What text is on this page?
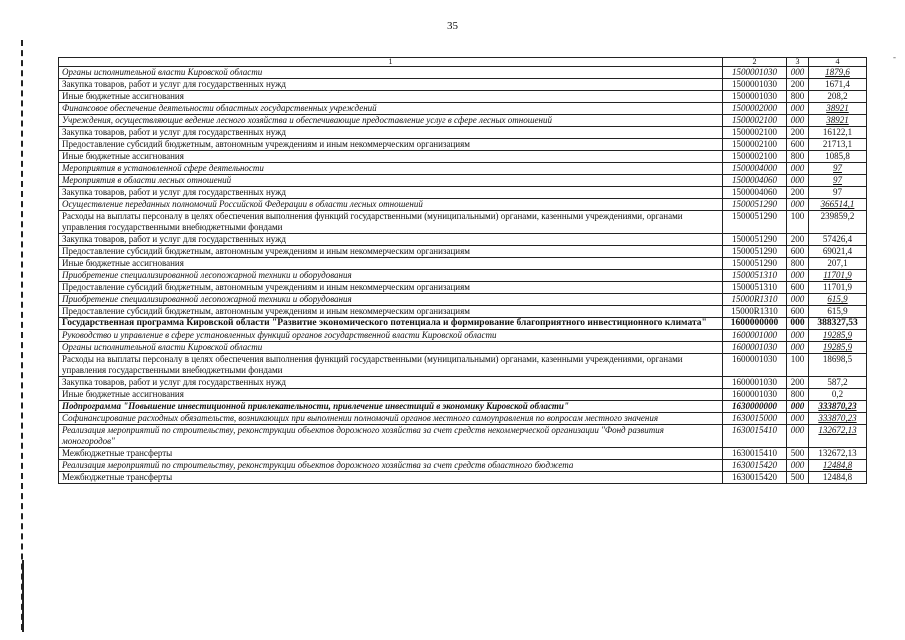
35
-
1	2	3	4
Органы исполнительной власти Кировской области	1500001030	000	1879,6
Закупка товаров, работ и услуг для государственных нужд	1500001030	200	1671,4
Иные бюджетные ассигнования	1500001030	800	208,2
Финансовое обеспечение деятельности областных государственных учреждений	1500002000	000	38921
Учреждения, осуществляющие ведение лесного хозяйства и обеспечивающие предоставление услуг в сфере лесных отношений	1500002100	000	38921
Закупка товаров, работ и услуг для государственных нужд	1500002100	200	16122,1
Предоставление субсидий бюджетным, автономным учреждениям и иным некоммерческим организациям	1500002100	600	21713,1
Иные бюджетные ассигнования	1500002100	800	1085,8
Мероприятия в установленной сфере деятельности	1500004000	000	97
Мероприятия в области лесных отношений	1500004060	000	97
Закупка товаров, работ и услуг для государственных нужд	1500004060	200	97
Осуществление переданных полномочий Российской Федерации в области лесных отношений	1500051290	000	366514,1
Расходы на выплаты персоналу в целях обеспечения выполнения функций государственными (муниципальными) органами, казенными учреждениями, органами управления государственными внебюджетными фондами	1500051290	100	239859,2
Закупка товаров, работ и услуг для государственных нужд	1500051290	200	57426,4
Предоставление субсидий бюджетным, автономным учреждениям и иным некоммерческим организациям	1500051290	600	69021,4
Иные бюджетные ассигнования	1500051290	800	207,1
Приобретение специализированной лесопожарной техники и оборудования	1500051310	000	11701,9
Предоставление субсидий бюджетным, автономным учреждениям и иным некоммерческим организациям	1500051310	600	11701,9
Приобретение специализированной лесопожарной техники и оборудования	15000R1310	000	615,9
Предоставление субсидий бюджетным, автономным учреждениям и иным некоммерческим организациям	15000R1310	600	615,9
Государственная программа Кировской области "Развитие экономического потенциала и формирование благоприятного инвестиционного климата"	1600000000	000	388327,53
Руководство и управление в сфере установленных функций органов государственной власти Кировской области	1600001000	000	19285,9
Органы исполнительной власти Кировской области	1600001030	000	19285,9
Расходы на выплаты персоналу в целях обеспечения выполнения функций государственными (муниципальными) органами, казенными учреждениями, органами управления государственными внебюджетными фондами	1600001030	100	18698,5
Закупка товаров, работ и услуг для государственных нужд	1600001030	200	587,2
Иные бюджетные ассигнования	1600001030	800	0,2
Подпрограмма "Повышение инвестиционной привлекательности, привлечение инвестиций в экономику Кировской области"	1630000000	000	333870,23
Софинансирование расходных обязательств, возникающих при выполнении полномочий органов местного самоуправления по вопросам местного значения	1630015000	000	333870,23
Реализация мероприятий по строительству, реконструкции объектов дорожного хозяйства за счет средств некоммерческой организации "Фонд развития моногородов"	1630015410	000	132672,13
Межбюджетные трансферты	1630015410	500	132672,13
Реализация мероприятий по строительству, реконструкции объектов дорожного хозяйства за счет средств областного бюджета	1630015420	000	12484,8
Межбюджетные трансферты	1630015420	500	12484,8
